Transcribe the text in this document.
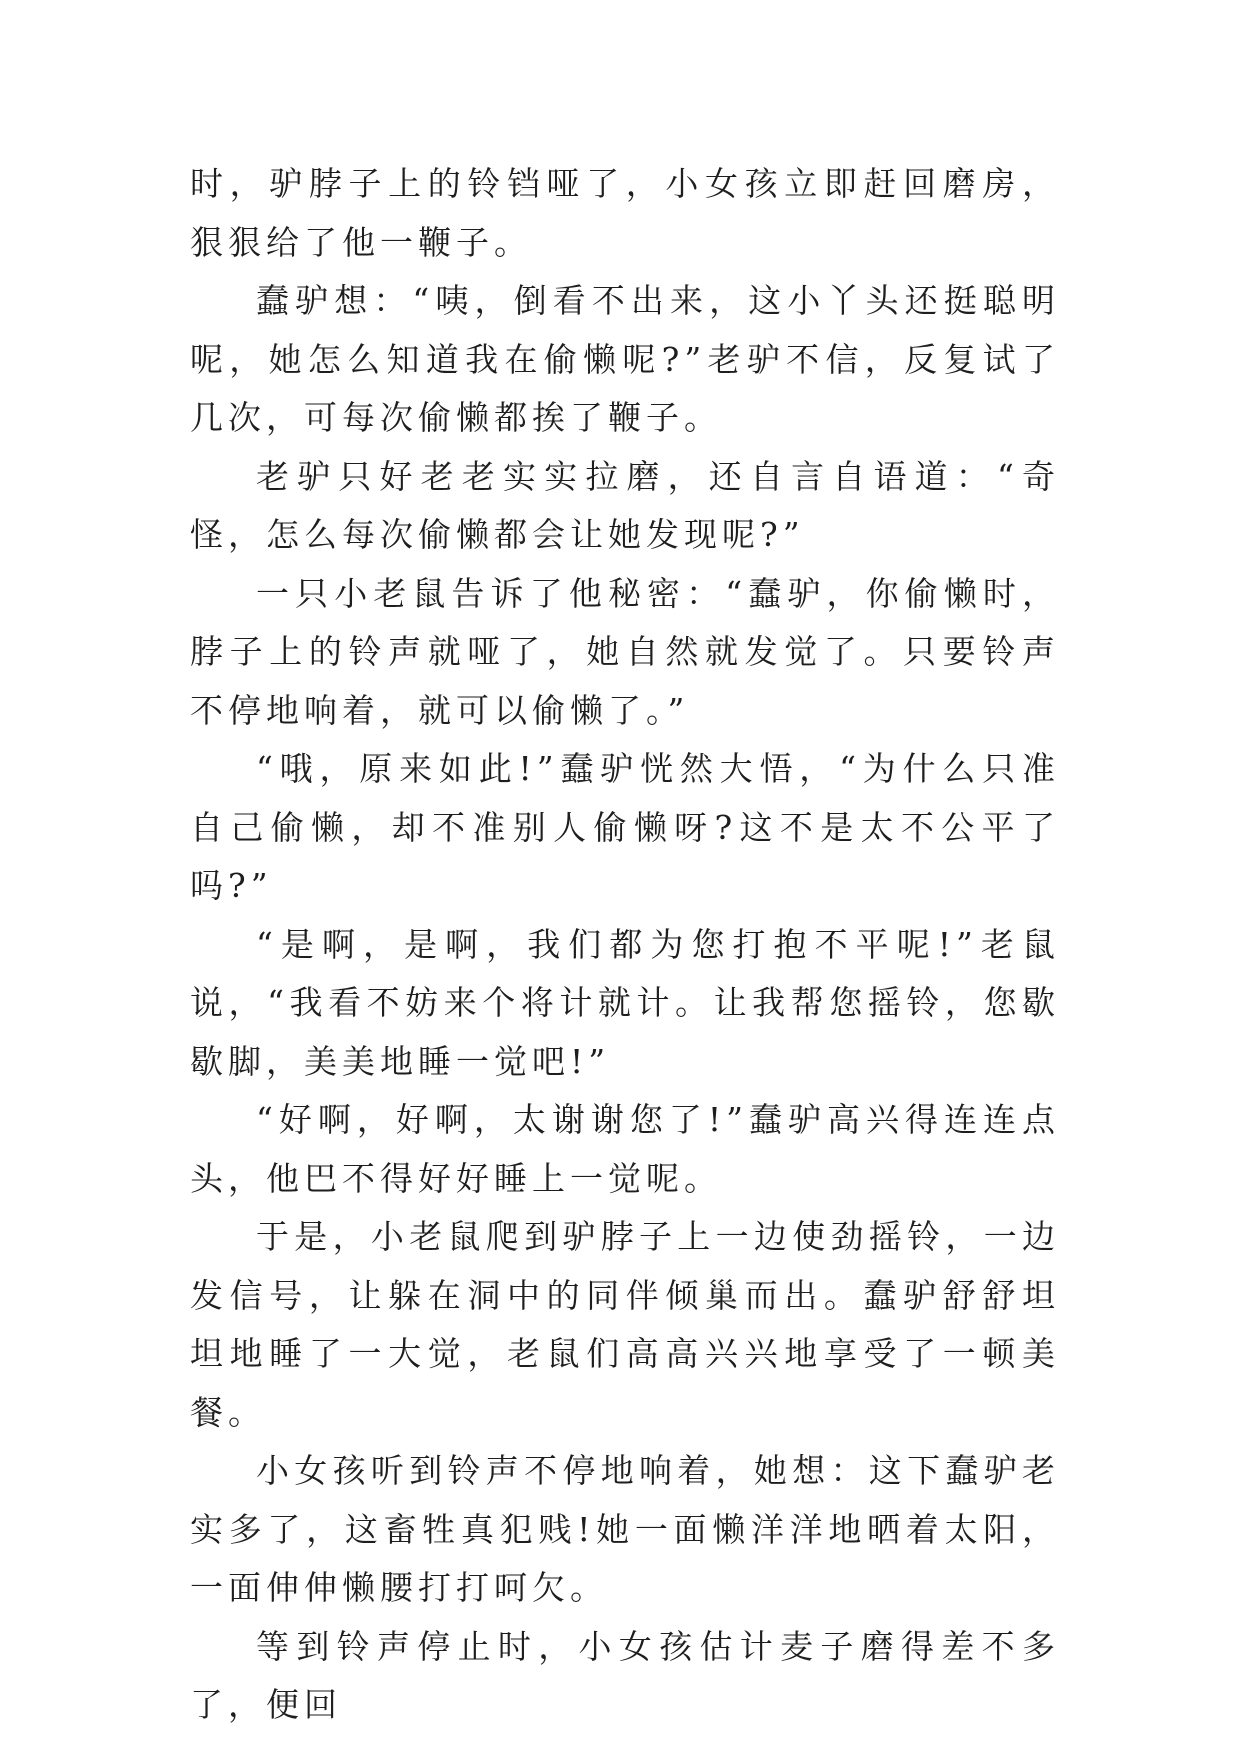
时，驴脖子上的铃铛哑了，小女孩立即赶回磨房，狠狠给了他一鞭子。

蠢驴想：“咦，倒看不出来，这小丫头还挺聪明呢，她怎么知道我在偷懒呢?”老驴不信，反复试了几次，可每次偷懒都挨了鞭子。

老驴只好老老实实拉磨，还自言自语道：“奇怪，怎么每次偷懒都会让她发现呢?”

一只小老鼠告诉了他秘密：“蠢驴，你偷懒时，脖子上的铃声就哑了，她自然就发觉了。只要铃声不停地响着，就可以偷懒了。”

“哦，原来如此!”蠢驴恍然大悟，“为什么只准自己偷懒，却不准别人偷懒呀?这不是太不公平了吗?”

“是啊，是啊，我们都为您打抱不平呢!”老鼠说，“我看不妨来个将计就计。让我帮您摇铃，您歇歇脚，美美地睡一觉吧!”

“好啊，好啊，太谢谢您了!”蠢驴高兴得连连点头，他巴不得好好睡上一觉呢。

于是，小老鼠爬到驴脖子上一边使劲摇铃，一边发信号，让躲在洞中的同伴倾巢而出。蠢驴舒舒坦坦地睡了一大觉，老鼠们高高兴兴地享受了一顿美餐。

小女孩听到铃声不停地响着，她想：这下蠢驴老实多了，这畜牲真犯贱!她一面懒洋洋地晒着太阳，一面伸伸懒腰打打呵欠。

等到铃声停止时，小女孩估计麦子磨得差不多了，便回
